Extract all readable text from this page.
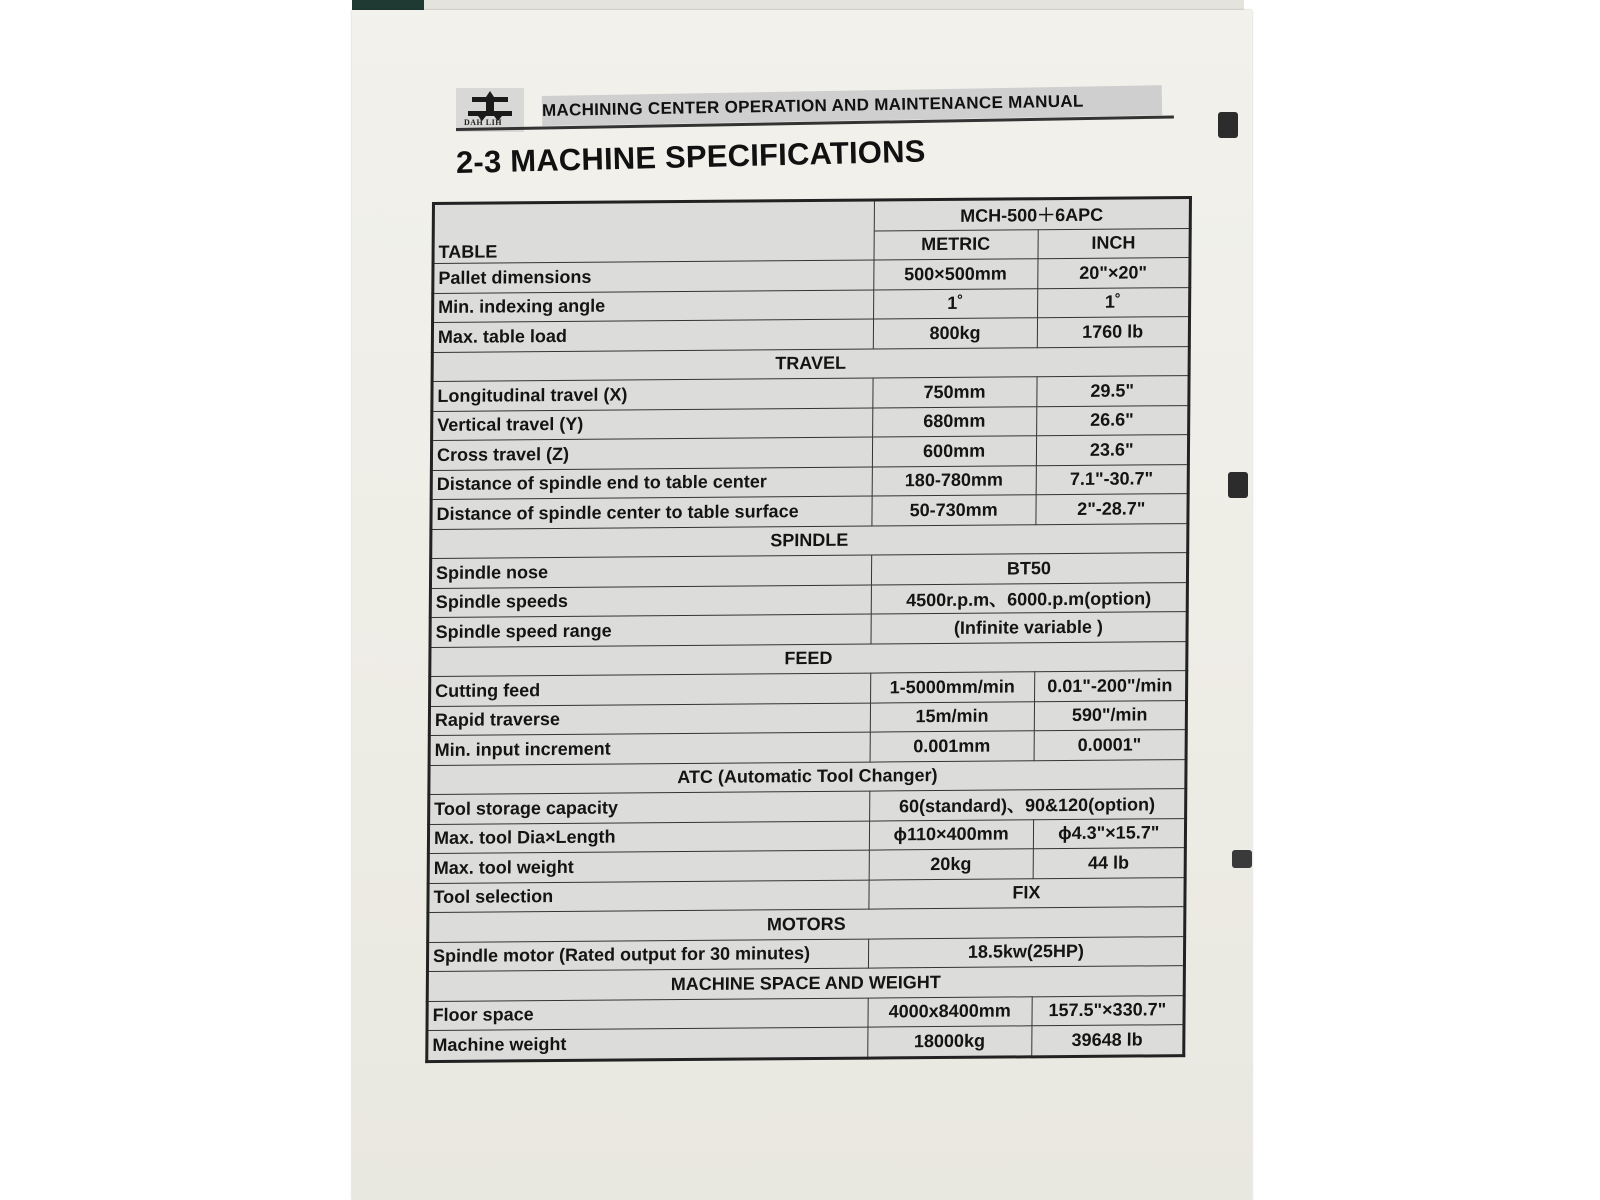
DAH LIH
MACHINING CENTER OPERATION AND MAINTENANCE MANUAL
2-3 MACHINE SPECIFICATIONS
	MCH-500＋6APC	
TABLE	METRIC	INCH
Pallet dimensions	500×500mm	20"×20"
Min. indexing angle	1˚	1˚
Max. table load	800kg	1760 lb
TRAVEL		
Longitudinal travel (X)	750mm	29.5"
Vertical travel (Y)	680mm	26.6"
Cross travel (Z)	600mm	23.6"
Distance of spindle end to table center	180-780mm	7.1"-30.7"
Distance of spindle center to table surface	50-730mm	2"-28.7"
SPINDLE		
Spindle nose	BT50	
Spindle speeds	4500r.p.m、6000.p.m(option)	
Spindle speed range	(Infinite variable )	
FEED		
Cutting feed	1-5000mm/min	0.01"-200"/min
Rapid traverse	15m/min	590"/min
Min. input increment	0.001mm	0.0001"
ATC (Automatic Tool Changer)		
Tool storage capacity	60(standard)、90&120(option)	
Max. tool Dia×Length	ϕ110×400mm	ϕ4.3"×15.7"
Max. tool weight	20kg	44 lb
Tool selection	FIX	
MOTORS		
Spindle motor (Rated output for 30 minutes)	18.5kw(25HP)	
MACHINE SPACE AND WEIGHT		
Floor space	4000x8400mm	157.5"×330.7"
Machine weight	18000kg	39648 lb
